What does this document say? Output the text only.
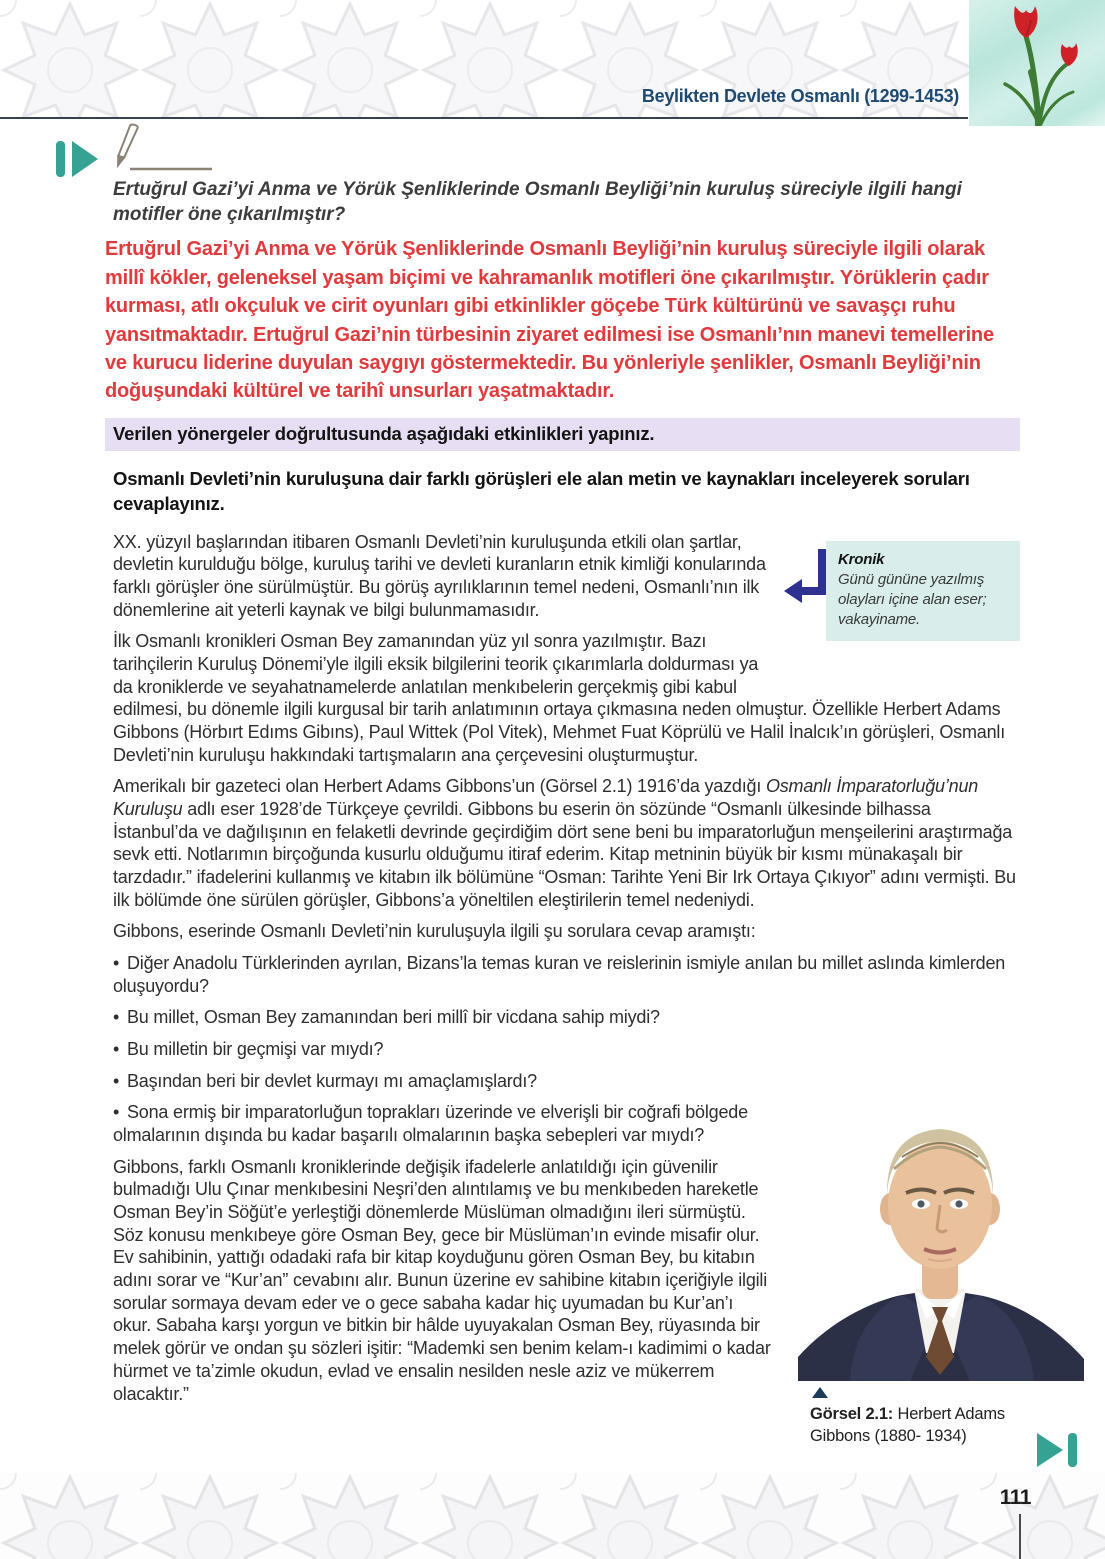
Beylikten Devlete Osmanlı (1299-1453)
Ertuğrul Gazi’yi Anma ve Yörük Şenliklerinde Osmanlı Beyliği’nin kuruluş süreciyle ilgili hangi motifler öne çıkarılmıştır?
Ertuğrul Gazi’yi Anma ve Yörük Şenliklerinde Osmanlı Beyliği’nin kuruluş süreciyle ilgili olarak millî kökler, geleneksel yaşam biçimi ve kahramanlık motifleri öne çıkarılmıştır. Yörüklerin çadır kurması, atlı okçuluk ve cirit oyunları gibi etkinlikler göçebe Türk kültürünü ve savaşçı ruhu yansıtmaktadır. Ertuğrul Gazi’nin türbesinin ziyaret edilmesi ise Osmanlı’nın manevi temellerine ve kurucu liderine duyulan saygıyı göstermektedir. Bu yönleriyle şenlikler, Osmanlı Beyliği’nin doğuşundaki kültürel ve tarihî unsurları yaşatmaktadır.
Verilen yönergeler doğrultusunda aşağıdaki etkinlikleri yapınız.
Osmanlı Devleti’nin kuruluşuna dair farklı görüşleri ele alan metin ve kaynakları inceleyerek soruları cevaplayınız.
Kronik
Günü gününe yazılmış olayları içine alan eser; vakayiname.

XX. yüzyıl başlarından itibaren Osmanlı Devleti’nin kuruluşunda etkili olan şartlar, devletin kurulduğu bölge, kuruluş tarihi ve devleti kuranların etnik kimliği konularında farklı görüşler öne sürülmüştür. Bu görüş ayrılıklarının temel nedeni, Osmanlı’nın ilk dönemlerine ait yeterli kaynak ve bilgi bulunmamasıdır.

İlk Osmanlı kronikleri Osman Bey zamanından yüz yıl sonra yazılmıştır. Bazı tarihçilerin Kuruluş Dönemi’yle ilgili eksik bilgilerini teorik çıkarımlarla doldurması ya da kroniklerde ve seyahatnamelerde anlatılan menkıbelerin gerçekmiş gibi kabul edilmesi, bu dönemle ilgili kurgusal bir tarih anlatımının ortaya çıkmasına neden olmuştur. Özellikle Herbert Adams Gibbons (Hörbırt Edıms Gibıns), Paul Wittek (Pol Vitek), Mehmet Fuat Köprülü ve Halil İnalcık’ın görüşleri, Osmanlı Devleti’nin kuruluşu hakkındaki tartışmaların ana çerçevesini oluşturmuştur.

Amerikalı bir gazeteci olan Herbert Adams Gibbons’un (Görsel 2.1) 1916’da yazdığı Osmanlı İmparatorluğu’nun Kuruluşu adlı eser 1928’de Türkçeye çevrildi. Gibbons bu eserin ön sözünde “Osmanlı ülkesinde bilhassa İstanbul’da ve dağılışının en felaketli devrinde geçirdiğim dört sene beni bu imparatorluğun menşeilerini araştırmağa sevk etti. Notlarımın birçoğunda kusurlu olduğumu itiraf ederim. Kitap metninin büyük bir kısmı münakaşalı bir tarzdadır.” ifadelerini kullanmış ve kitabın ilk bölümüne “Osman: Tarihte Yeni Bir Irk Ortaya Çıkıyor” adını vermişti. Bu ilk bölümde öne sürülen görüşler, Gibbons’a yöneltilen eleştirilerin temel nedeniydi.

Gibbons, eserinde Osmanlı Devleti’nin kuruluşuyla ilgili şu sorulara cevap aramıştı:

• Diğer Anadolu Türklerinden ayrılan, Bizans’la temas kuran ve reislerinin ismiyle anılan bu millet aslında kimlerden oluşuyordu?

• Bu millet, Osman Bey zamanından beri millî bir vicdana sahip miydi?

• Bu milletin bir geçmişi var mıydı?

• Başından beri bir devlet kurmayı mı amaçlamışlardı?

Görsel 2.1: Herbert Adams Gibbons (1880- 1934)

• Sona ermiş bir imparatorluğun toprakları üzerinde ve elverişli bir coğrafi bölgede olmalarının dışında bu kadar başarılı olmalarının başka sebepleri var mıydı?

Gibbons, farklı Osmanlı kroniklerinde değişik ifadelerle anlatıldığı için güvenilir bulmadığı Ulu Çınar menkıbesini Neşri’den alıntılamış ve bu menkıbeden hareketle Osman Bey’in Söğüt’e yerleştiği dönemlerde Müslüman olmadığını ileri sürmüştü. Söz konusu menkıbeye göre Osman Bey, gece bir Müslüman’ın evinde misafir olur. Ev sahibinin, yattığı odadaki rafa bir kitap koyduğunu gören Osman Bey, bu kitabın adını sorar ve “Kur’an” cevabını alır. Bunun üzerine ev sahibine kitabın içeriğiyle ilgili sorular sormaya devam eder ve o gece sabaha kadar hiç uyumadan bu Kur’an’ı okur. Sabaha karşı yorgun ve bitkin bir hâlde uyuyakalan Osman Bey, rüyasında bir melek görür ve ondan şu sözleri işitir: “Mademki sen benim kelam-ı kadimimi o kadar hürmet ve ta’zimle okudun, evlad ve ensalin nesilden nesle aziz ve mükerrem olacaktır.”

111
